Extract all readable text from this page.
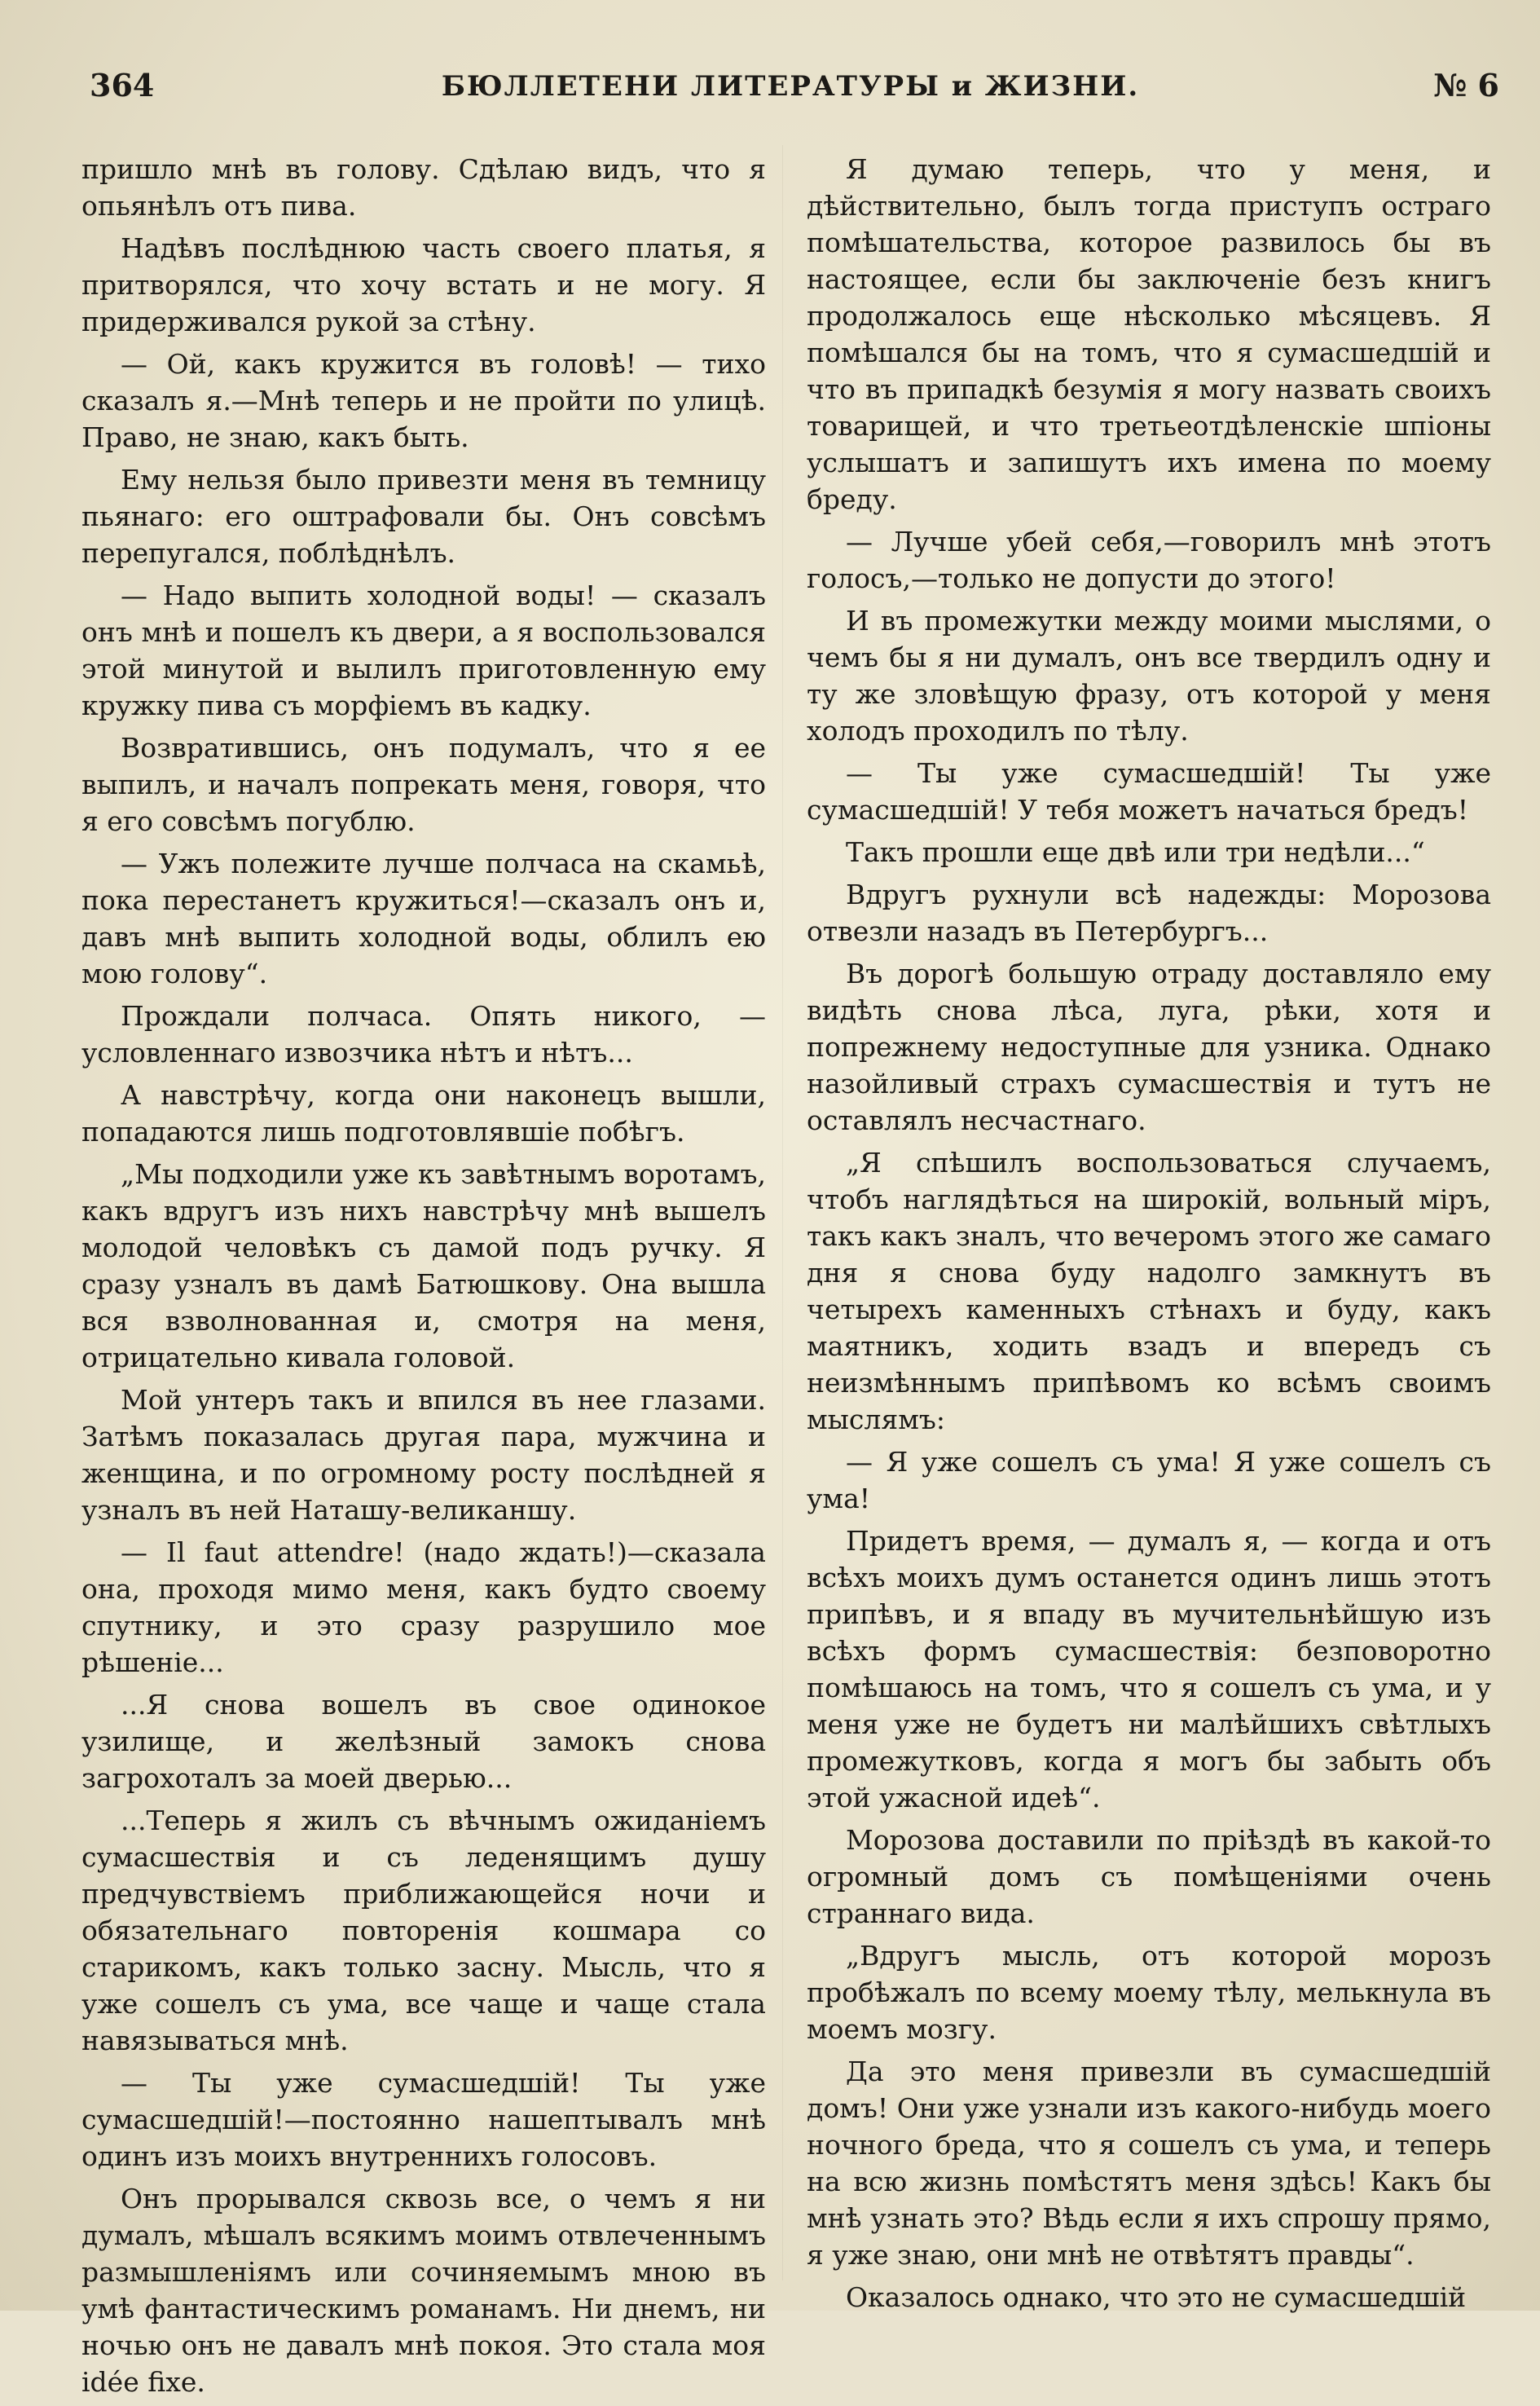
364	БЮЛЛЕТЕНИ ЛИТЕРАТУРЫ и ЖИЗНИ.	№ 6

пришло мнѣ въ голову. Сдѣлаю видъ, что я опьянѣлъ отъ пива.

Надѣвъ послѣднюю часть своего платья, я притворялся, что хочу встать и не могу. Я придерживался рукой за стѣну.

— Ой, какъ кружится въ головѣ! — тихо сказалъ я.—Мнѣ теперь и не пройти по улицѣ. Право, не знаю, какъ быть.

Ему нельзя было привезти меня въ темницу пьянаго: его оштрафовали бы. Онъ совсѣмъ перепугался, поблѣднѣлъ.

— Надо выпить холодной воды! — сказалъ онъ мнѣ и пошелъ къ двери, а я воспользовался этой минутой и вылилъ приготовленную ему кружку пива съ морфіемъ въ кадку.

Возвратившись, онъ подумалъ, что я ее выпилъ, и началъ попрекать меня, говоря, что я его совсѣмъ погублю.

— Ужъ полежите лучше полчаса на скамьѣ, пока перестанетъ кружиться!—сказалъ онъ и, давъ мнѣ выпить холодной воды, облилъ ею мою голову“.

Прождали полчаса. Опять никого, — условленнаго извозчика нѣтъ и нѣтъ...

А навстрѣчу, когда они наконецъ вышли, попадаются лишь подготовлявшіе побѣгъ.

„Мы подходили уже къ завѣтнымъ воротамъ, какъ вдругъ изъ нихъ навстрѣчу мнѣ вышелъ молодой человѣкъ съ дамой подъ ручку. Я сразу узналъ въ дамѣ Батюшкову. Она вышла вся взволнованная и, смотря на меня, отрицательно кивала головой.

Мой унтеръ такъ и впился въ нее глазами. Затѣмъ показалась другая пара, мужчина и женщина, и по огромному росту послѣдней я узналъ въ ней Наташу-великаншу.

— Il faut attendre! (надо ждать!)—сказала она, проходя мимо меня, какъ будто своему спутнику, и это сразу разрушило мое рѣшеніе...

...Я снова вошелъ въ свое одинокое узилище, и желѣзный замокъ снова загрохоталъ за моей дверью...

...Теперь я жилъ съ вѣчнымъ ожиданіемъ сумасшествія и съ леденящимъ душу предчувствіемъ приближающейся ночи и обязательнаго повторенія кошмара со старикомъ, какъ только засну. Мысль, что я уже сошелъ съ ума, все чаще и чаще стала навязываться мнѣ.

— Ты уже сумасшедшій! Ты уже сумасшедшій!—постоянно нашептывалъ мнѣ одинъ изъ моихъ внутреннихъ голосовъ.

Онъ прорывался сквозь все, о чемъ я ни думалъ, мѣшалъ всякимъ моимъ отвлеченнымъ размышленіямъ или сочиняемымъ мною въ умѣ фантастическимъ романамъ. Ни днемъ, ни ночью онъ не давалъ мнѣ покоя. Это стала моя idée fixe.

Я думаю теперь, что у меня, и дѣйствительно, былъ тогда приступъ остраго помѣшательства, которое развилось бы въ настоящее, если бы заключеніе безъ книгъ продолжалось еще нѣсколько мѣсяцевъ. Я помѣшался бы на томъ, что я сумасшедшій и что въ припадкѣ безумія я могу назвать своихъ товарищей, и что третьеотдѣленскіе шпіоны услышатъ и запишутъ ихъ имена по моему бреду.

— Лучше убей себя,—говорилъ мнѣ этотъ голосъ,—только не допусти до этого!

И въ промежутки между моими мыслями, о чемъ бы я ни думалъ, онъ все твердилъ одну и ту же зловѣщую фразу, отъ которой у меня холодъ проходилъ по тѣлу.

— Ты уже сумасшедшій! Ты уже сумасшедшій! У тебя можетъ начаться бредъ!

Такъ прошли еще двѣ или три недѣли...“

Вдругъ рухнули всѣ надежды: Морозова отвезли назадъ въ Петербургъ...

Въ дорогѣ большую отраду доставляло ему видѣть снова лѣса, луга, рѣки, хотя и попрежнему недоступные для узника. Однако назойливый страхъ сумасшествія и тутъ не оставлялъ несчастнаго.

„Я спѣшилъ воспользоваться случаемъ, чтобъ наглядѣться на широкій, вольный міръ, такъ какъ зналъ, что вечеромъ этого же самаго дня я снова буду надолго замкнутъ въ четырехъ каменныхъ стѣнахъ и буду, какъ маятникъ, ходить взадъ и впередъ съ неизмѣннымъ припѣвомъ ко всѣмъ своимъ мыслямъ:

— Я уже сошелъ съ ума! Я уже сошелъ съ ума!

Придетъ время, — думалъ я, — когда и отъ всѣхъ моихъ думъ останется одинъ лишь этотъ припѣвъ, и я впаду въ мучительнѣйшую изъ всѣхъ формъ сумасшествія: безповоротно помѣшаюсь на томъ, что я сошелъ съ ума, и у меня уже не будетъ ни малѣйшихъ свѣтлыхъ промежутковъ, когда я могъ бы забыть объ этой ужасной идеѣ“.

Морозова доставили по пріѣздѣ въ какой-то огромный домъ съ помѣщеніями очень страннаго вида.

„Вдругъ мысль, отъ которой морозъ пробѣжалъ по всему моему тѣлу, мелькнула въ моемъ мозгу.

Да это меня привезли въ сумасшедшій домъ! Они уже узнали изъ какого-нибудь моего ночного бреда, что я сошелъ съ ума, и теперь на всю жизнь помѣстятъ меня здѣсь! Какъ бы мнѣ узнать это? Вѣдь если я ихъ спрошу прямо, я уже знаю, они мнѣ не отвѣтятъ правды“.

Оказалось однако, что это не сумасшедшій
